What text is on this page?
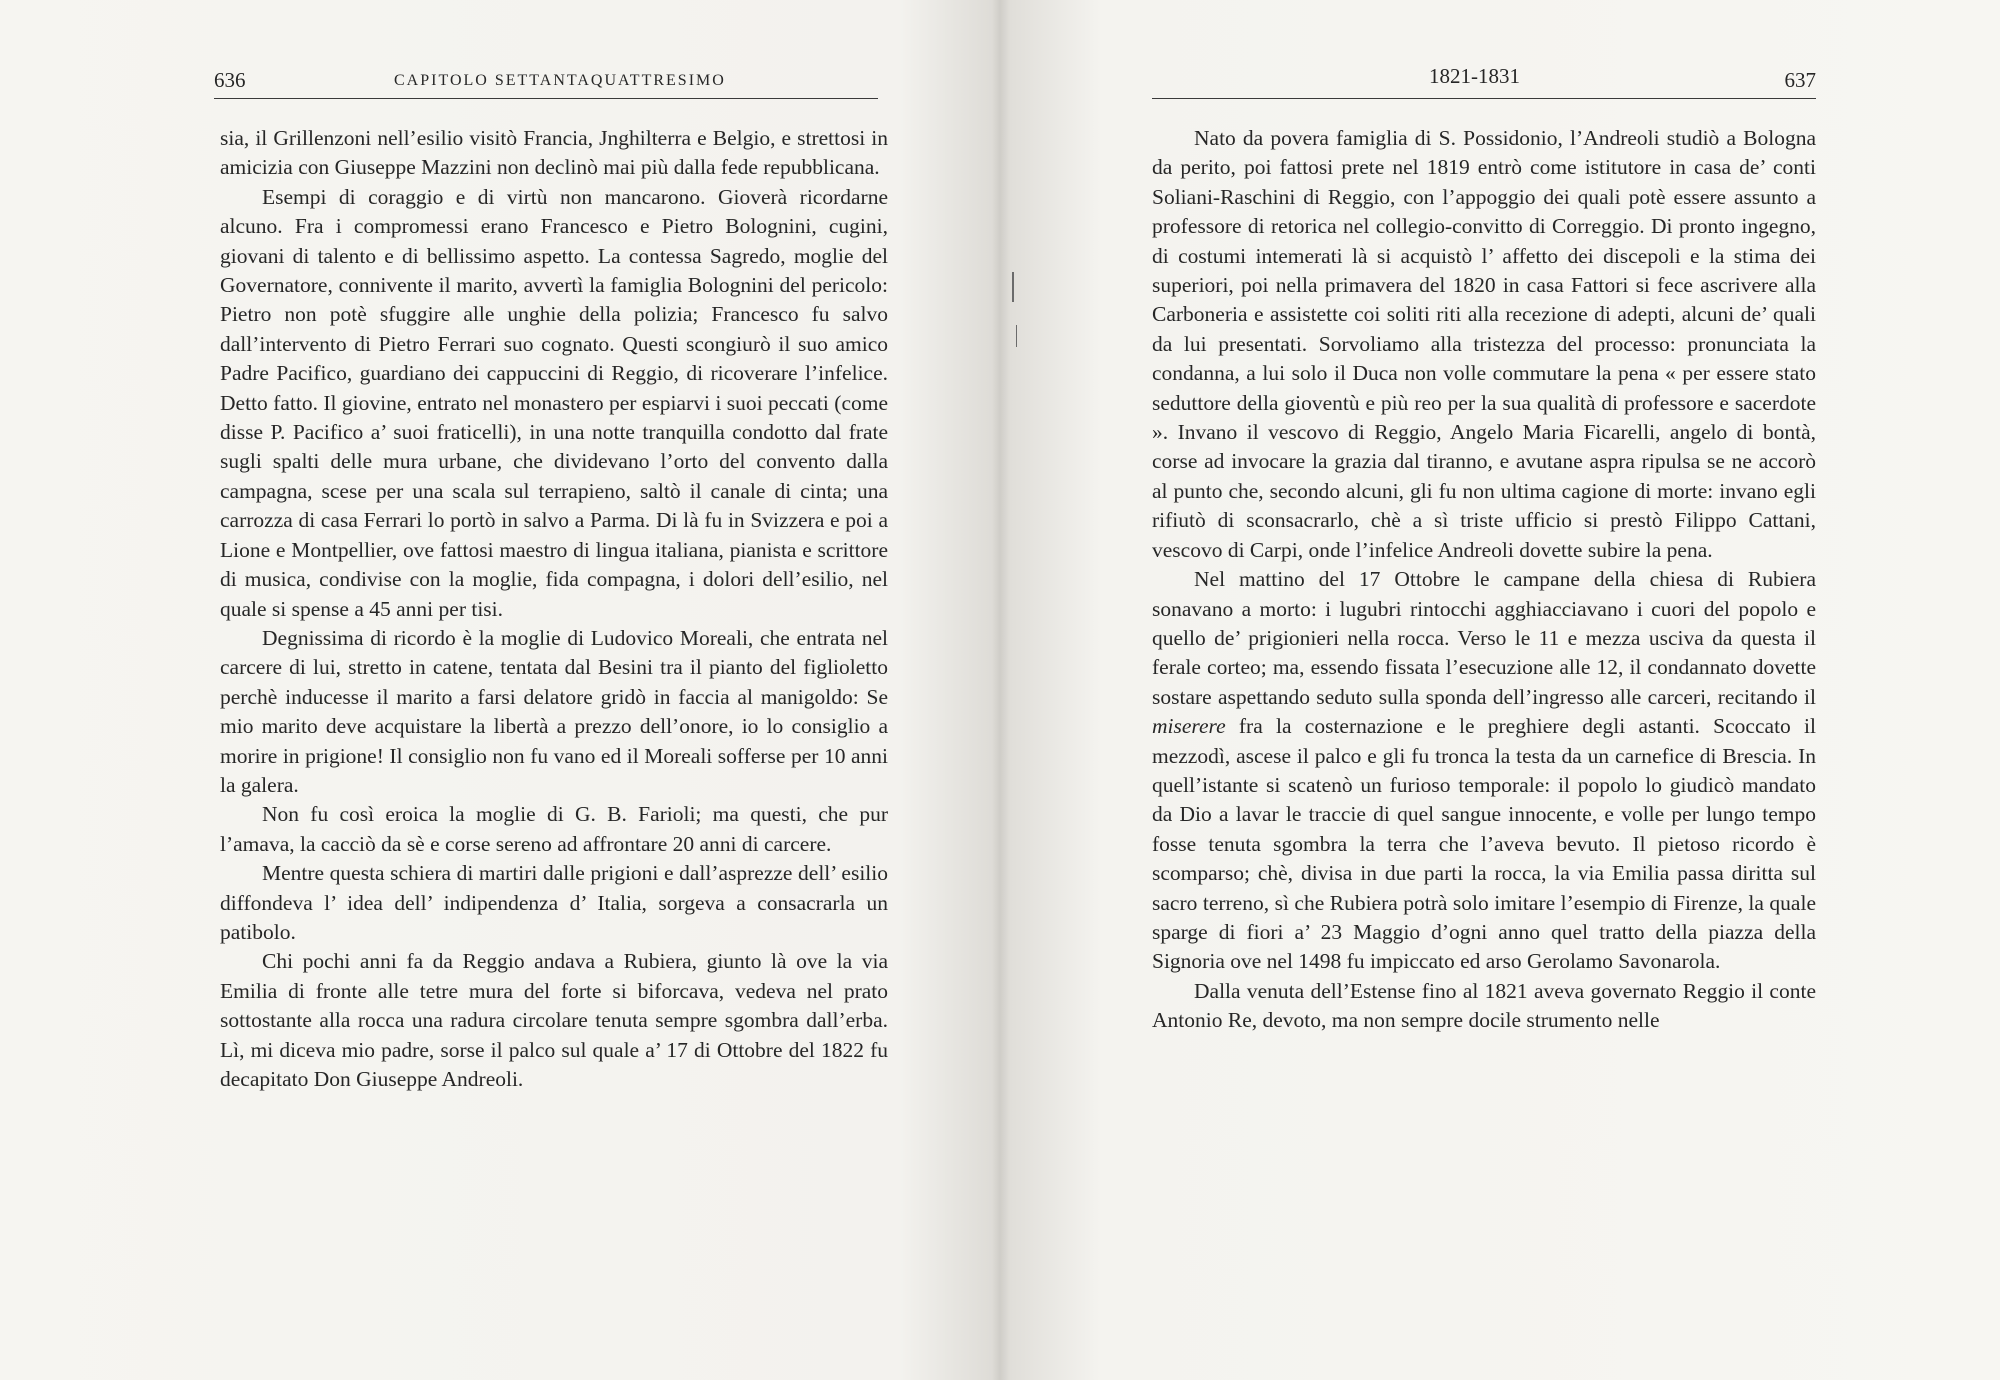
636	CAPITOLO SETTANTAQUATTRESIMO

sia, il Grillenzoni nell’esilio visitò Francia, Jnghilterra e Belgio, e strettosi in amicizia con Giuseppe Mazzini non declinò mai più dalla fede repubblicana.

Esempi di coraggio e di virtù non mancarono. Gioverà ricordarne alcuno. Fra i compromessi erano Francesco e Pietro Bolognini, cugini, giovani di talento e di bellissimo aspetto. La contessa Sagredo, moglie del Governatore, connivente il marito, avvertì la famiglia Bolognini del pericolo: Pietro non potè sfuggire alle unghie della polizia; Francesco fu salvo dall’intervento di Pietro Ferrari suo cognato. Questi scongiurò il suo amico Padre Pacifico, guardiano dei cappuccini di Reggio, di ricoverare l’infelice. Detto fatto. Il giovine, entrato nel monastero per espiarvi i suoi peccati (come disse P. Pacifico a’ suoi fraticelli), in una notte tranquilla condotto dal frate sugli spalti delle mura urbane, che dividevano l’orto del convento dalla campagna, scese per una scala sul terrapieno, saltò il canale di cinta; una carrozza di casa Ferrari lo portò in salvo a Parma. Di là fu in Svizzera e poi a Lione e Montpellier, ove fattosi maestro di lingua italiana, pianista e scrittore di musica, condivise con la moglie, fida compagna, i dolori dell’esilio, nel quale si spense a 45 anni per tisi.

Degnissima di ricordo è la moglie di Ludovico Moreali, che entrata nel carcere di lui, stretto in catene, tentata dal Besini tra il pianto del figlioletto perchè inducesse il marito a farsi delatore gridò in faccia al manigoldo: Se mio marito deve acquistare la libertà a prezzo dell’onore, io lo consiglio a morire in prigione! Il consiglio non fu vano ed il Moreali sofferse per 10 anni la galera.

Non fu così eroica la moglie di G. B. Farioli; ma questi, che pur l’amava, la cacciò da sè e corse sereno ad affrontare 20 anni di carcere.

Mentre questa schiera di martiri dalle prigioni e dall’asprezze dell’ esilio diffondeva l’ idea dell’ indipendenza d’ Italia, sorgeva a consacrarla un patibolo.

Chi pochi anni fa da Reggio andava a Rubiera, giunto là ove la via Emilia di fronte alle tetre mura del forte si biforcava, vedeva nel prato sottostante alla rocca una radura circolare tenuta sempre sgombra dall’erba. Lì, mi diceva mio padre, sorse il palco sul quale a’ 17 di Ottobre del 1822 fu decapitato Don Giuseppe Andreoli.

1821-1831	637

Nato da povera famiglia di S. Possidonio, l’Andreoli studiò a Bologna da perito, poi fattosi prete nel 1819 entrò come istitutore in casa de’ conti Soliani-Raschini di Reggio, con l’appoggio dei quali potè essere assunto a professore di retorica nel collegio-convitto di Correggio. Di pronto ingegno, di costumi intemerati là si acquistò l’ affetto dei discepoli e la stima dei superiori, poi nella primavera del 1820 in casa Fattori si fece ascrivere alla Carboneria e assistette coi soliti riti alla recezione di adepti, alcuni de’ quali da lui presentati. Sorvoliamo alla tristezza del processo: pronunciata la condanna, a lui solo il Duca non volle commutare la pena « per essere stato seduttore della gioventù e più reo per la sua qualità di professore e sacerdote ». Invano il vescovo di Reggio, Angelo Maria Ficarelli, angelo di bontà, corse ad invocare la grazia dal tiranno, e avutane aspra ripulsa se ne accorò al punto che, secondo alcuni, gli fu non ultima cagione di morte: invano egli rifiutò di sconsacrarlo, chè a sì triste ufficio si prestò Filippo Cattani, vescovo di Carpi, onde l’infelice Andreoli dovette subire la pena.

Nel mattino del 17 Ottobre le campane della chiesa di Rubiera sonavano a morto: i lugubri rintocchi agghiacciavano i cuori del popolo e quello de’ prigionieri nella rocca. Verso le 11 e mezza usciva da questa il ferale corteo; ma, essendo fissata l’esecuzione alle 12, il condannato dovette sostare aspettando seduto sulla sponda dell’ingresso alle carceri, recitando il miserere fra la costernazione e le preghiere degli astanti. Scoccato il mezzodì, ascese il palco e gli fu tronca la testa da un carnefice di Brescia. In quell’istante si scatenò un furioso temporale: il popolo lo giudicò mandato da Dio a lavar le traccie di quel sangue innocente, e volle per lungo tempo fosse tenuta sgombra la terra che l’aveva bevuto. Il pietoso ricordo è scomparso; chè, divisa in due parti la rocca, la via Emilia passa diritta sul sacro terreno, sì che Rubiera potrà solo imitare l’esempio di Firenze, la quale sparge di fiori a’ 23 Maggio d’ogni anno quel tratto della piazza della Signoria ove nel 1498 fu impiccato ed arso Gerolamo Savonarola.

Dalla venuta dell’Estense fino al 1821 aveva governato Reggio il conte Antonio Re, devoto, ma non sempre docile strumento nelle
